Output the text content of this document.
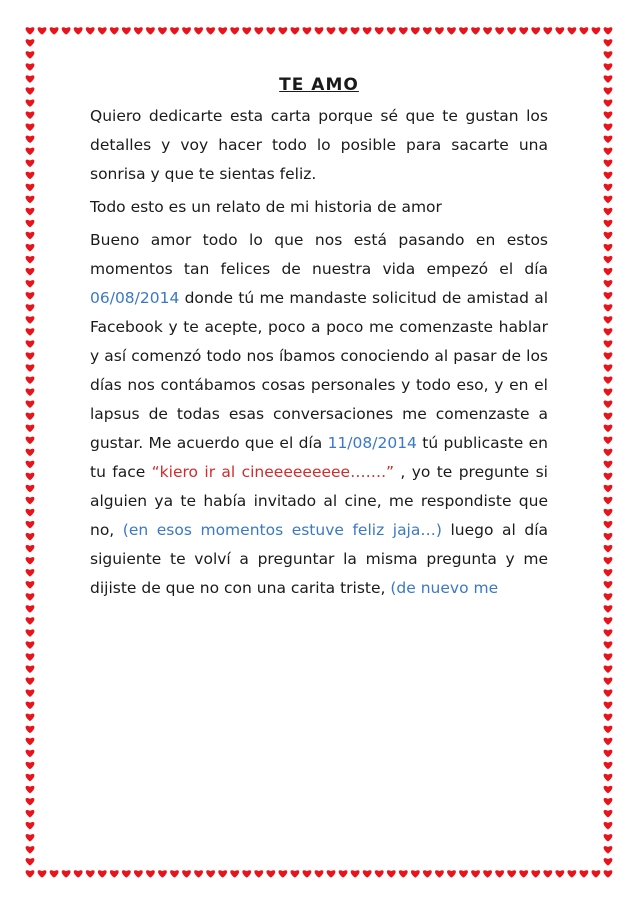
TE AMO

Quiero dedicarte esta carta porque sé que te gustan los detalles y voy hacer todo lo posible para sacarte una sonrisa y que te sientas feliz.

Todo esto es un relato de mi historia de amor

Bueno amor todo lo que nos está pasando en estos momentos tan felices de nuestra vida empezó el día 06/08/2014 donde tú me mandaste solicitud de amistad al Facebook y te acepte, poco a poco me comenzaste hablar y así comenzó todo nos íbamos conociendo al pasar de los días nos contábamos cosas personales y todo eso, y en el lapsus de todas esas conversaciones me comenzaste a gustar. Me acuerdo que el día 11/08/2014 tú publicaste en tu face “kiero ir al cineeeeeeeee…….” , yo te pregunte si alguien ya te había invitado al cine, me respondiste que no, (en esos momentos estuve feliz jaja…) luego al día siguiente te volví a preguntar la misma pregunta y me dijiste de que no con una carita triste, (de nuevo me
